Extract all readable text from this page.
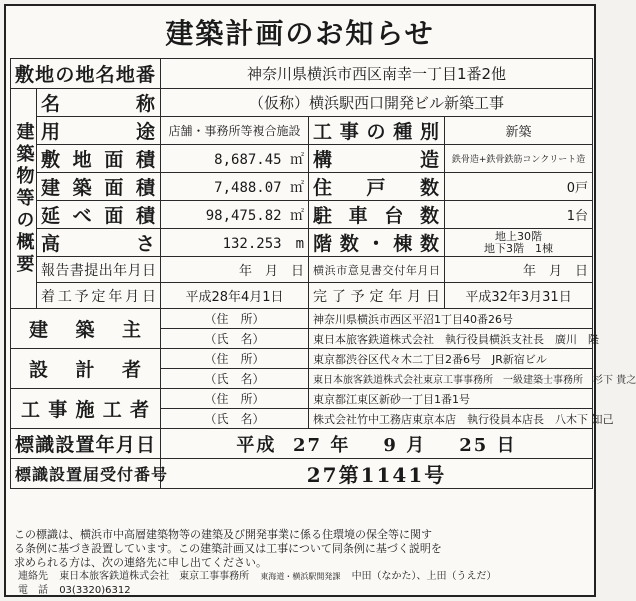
建築計画のお知らせ
敷地の地名地番		神奈川県横浜市西区南幸一丁目1番2他		
建築物等の概要	名　　　称	（仮称）横浜駅西口開発ビル新築工事		
	用　　　途	店舗・事務所等複合施設	工事の種別	新築
	敷地面積	8,687.45 ㎡	構　　造	鉄骨造+鉄骨鉄筋コンクリート造
	建築面積	7,488.07 ㎡	住戸数	0戸
	延べ面積	98,475.82 ㎡	駐車台数	1台
	高　　さ	132.253　m	階数・棟数	地上30階
地下3階　1棟

	報告書提出年月日	年　月　日	横浜市意見書交付年月日	年　月　日
	着工予定年月日	平成28年4月1日	完了予定年月日	平成32年3月31日
建築主		（住　所）	神奈川県横浜市西区平沼1丁目40番26号	
		（氏　名）	東日本旅客鉄道株式会社　執行役員横浜支社長　廣川　隆	
設計者		（住　所）	東京都渋谷区代々木二丁目2番6号　JR新宿ビル	
		（氏　名）	東日本旅客鉄道株式会社東京工事事務所　一級建築士事務所　杉下 貴之	
工事施工者		（住　所）	東京都江東区新砂一丁目1番1号	
		（氏　名）	株式会社竹中工務店東京本店　執行役員本店長　八木下 知己	
標識設置年月日		平成 27 年 9 月 25 日		
標識設置届受付番号		27第1141号		

この標識は、横浜市中高層建築物等の建築及び開発事業に係る住環境の保全等に関す

る条例に基づき設置しています。この建築計画又は工事について同条例に基づく説明を

求められる方は、次の連絡先に申し出てください。

連絡先 東日本旅客鉄道株式会社　東京工事事務所 東海道・横浜駅開発課 中田（なかた）、上田（うえだ）
電　話 03(3320)6312
